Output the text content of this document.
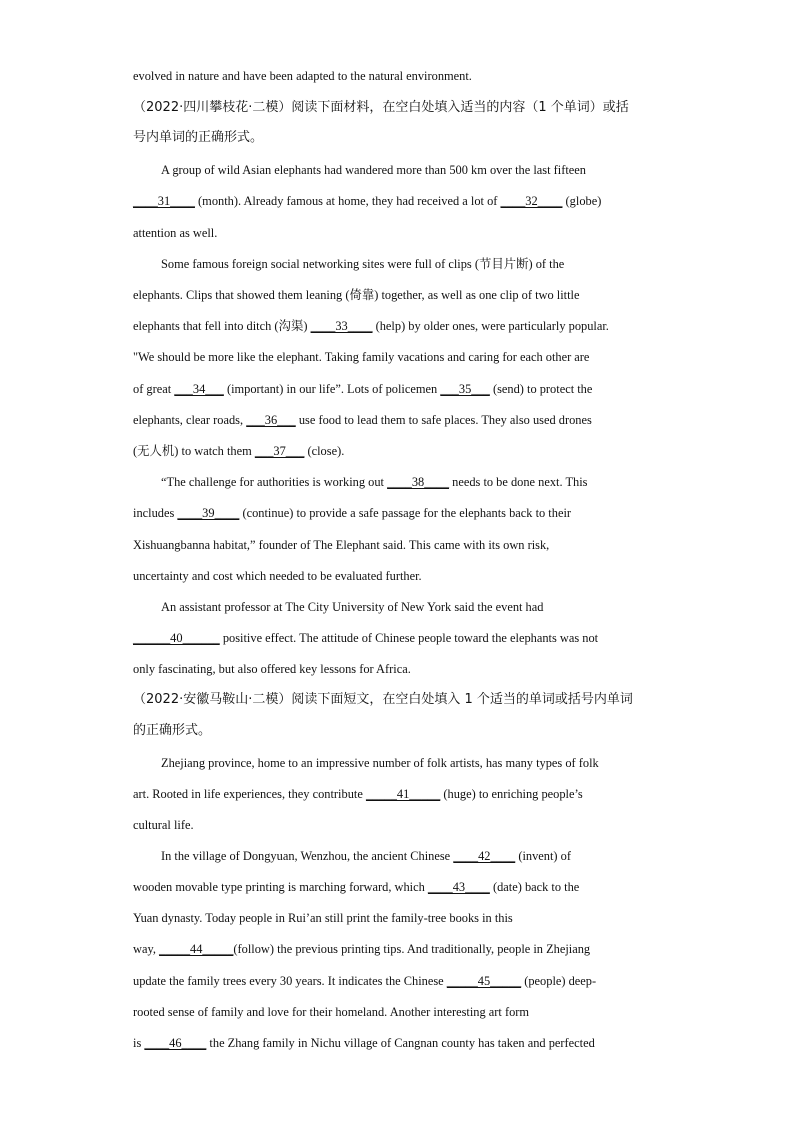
evolved in nature and have been adapted to the natural environment.
（2022·四川攀枝花·二模）阅读下面材料，在空白处填入适当的内容（1 个单词）或括
号内单词的正确形式。
A group of wild Asian elephants had wandered more than 500 km over the last fifteen
____31____ (month). Already famous at home, they had received a lot of ____32____ (globe)
attention as well.
Some famous foreign social networking sites were full of clips (节目片断) of the
elephants. Clips that showed them leaning (倚靠) together, as well as one clip of two little
elephants that fell into ditch (沟渠) ____33____ (help) by older ones, were particularly popular.
"We should be more like the elephant. Taking family vacations and caring for each other are
of great ___34___ (important) in our life”. Lots of policemen ___35___ (send) to protect the
elephants, clear roads, ___36___ use food to lead them to safe places. They also used drones
(无人机) to watch them ___37___ (close).
“The challenge for authorities is working out ____38____ needs to be done next. This
includes ____39____ (continue) to provide a safe passage for the elephants back to their
Xishuangbanna habitat,” founder of The Elephant said. This came with its own risk,
uncertainty and cost which needed to be evaluated further.
An assistant professor at The City University of New York said the event had
______40______ positive effect. The attitude of Chinese people toward the elephants was not
only fascinating, but also offered key lessons for Africa.
（2022·安徽马鞍山·二模）阅读下面短文，在空白处填入 1 个适当的单词或括号内单词
的正确形式。
Zhejiang province, home to an impressive number of folk artists, has many types of folk
art. Rooted in life experiences, they contribute _____41_____ (huge) to enriching people’s
cultural life.
In the village of Dongyuan, Wenzhou, the ancient Chinese ____42____ (invent) of
wooden movable type printing is marching forward, which ____43____ (date) back to the
Yuan dynasty. Today people in Rui’an still print the family-tree books in this
way, _____44_____(follow) the previous printing tips. And traditionally, people in Zhejiang
update the family trees every 30 years. It indicates the Chinese _____45_____ (people) deep-
rooted sense of family and love for their homeland. Another interesting art form
is ____46____ the Zhang family in Nichu village of Cangnan county has taken and perfected
